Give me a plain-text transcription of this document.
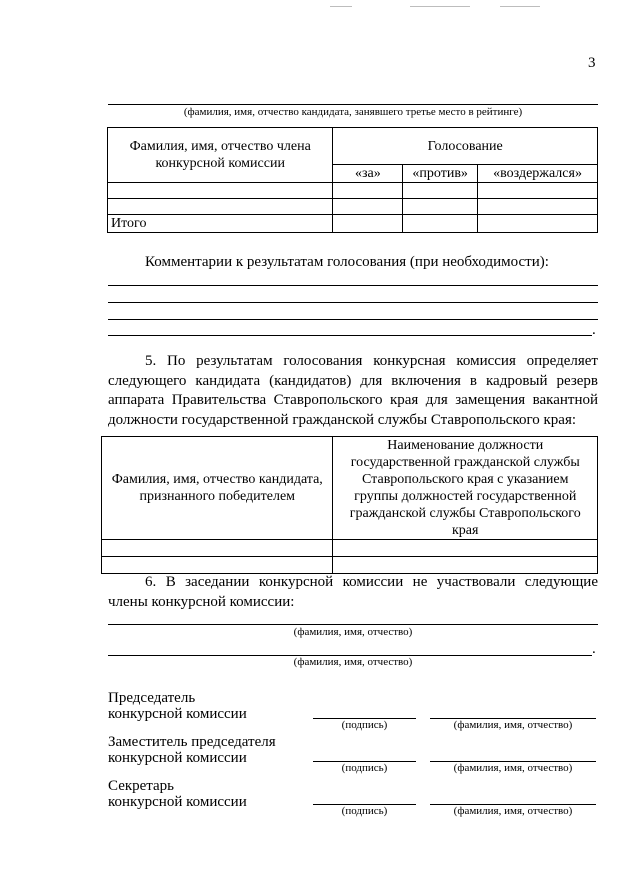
3
(фамилия, имя, отчество кандидата, занявшего третье место в рейтинге)
Фамилия, имя, отчество члена конкурсной комиссии	Голосование		
	«за»	«против»	«воздержался»

Итого			
Комментарии к результатам голосования (при необходимости):
.
5. По результатам голосования конкурсная комиссия определяет следующего кандидата (кандидатов) для включения в кадровый резерв аппарата Правительства Ставропольского края для замещения вакантной должности государственной гражданской службы Ставропольского края:
Фамилия, имя, отчество кандидата, признанного победителем	Наименование должности государственной гражданской службы Ставропольского края с указанием группы должностей государственной гражданской службы Ставропольского края

6. В заседании конкурсной комиссии не участвовали следующие члены конкурсной комиссии:
(фамилия, имя, отчество)
.
(фамилия, имя, отчество)
Председатель
конкурсной комиссии
(подпись)	(фамилия, имя, отчество)
Заместитель председателя
конкурсной комиссии
(подпись)	(фамилия, имя, отчество)
Секретарь
конкурсной комиссии
(подпись)	(фамилия, имя, отчество)
